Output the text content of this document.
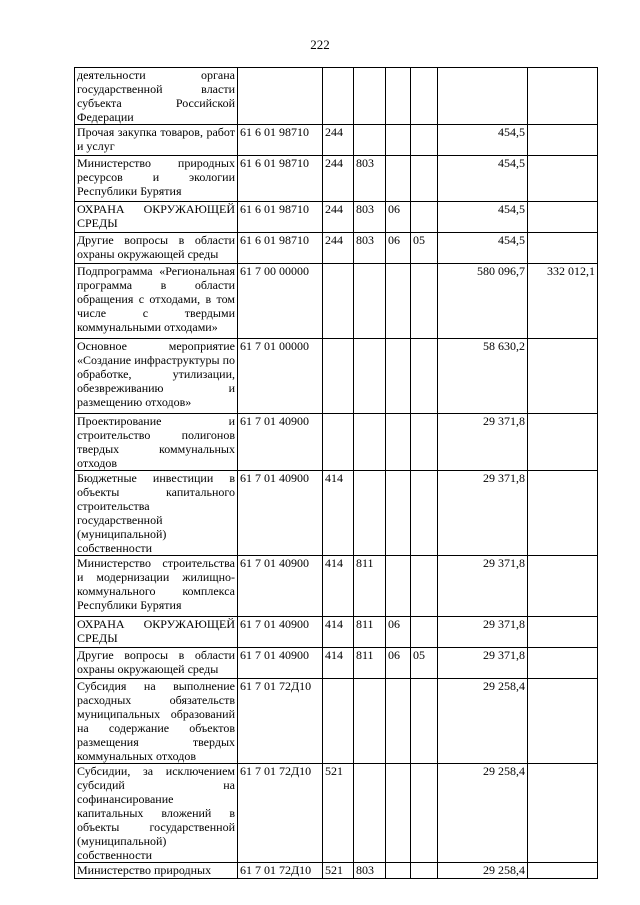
222
деятельности органа государственной власти субъекта Российской Федерации							
Прочая закупка товаров, работ и услуг	61 6 01 98710	244				454,5	
Министерство природных ресурсов и экологии Республики Бурятия	61 6 01 98710	244	803			454,5	
ОХРАНА ОКРУЖАЮЩЕЙ СРЕДЫ	61 6 01 98710	244	803	06		454,5	
Другие вопросы в области охраны окружающей среды	61 6 01 98710	244	803	06	05	454,5	
Подпрограмма «Региональная программа в области обращения с отходами, в том числе с твердыми коммунальными отходами»	61 7 00 00000					580 096,7	332 012,1
Основное мероприятие «Создание инфраструктуры по обработке, утилизации, обезвреживанию и размещению отходов»	61 7 01 00000					58 630,2	
Проектирование и строительство полигонов твердых коммунальных отходов	61 7 01 40900					29 371,8	
Бюджетные инвестиции в объекты капитального строительства государственной (муниципальной) собственности	61 7 01 40900	414				29 371,8	
Министерство строительства и модернизации жилищно-коммунального комплекса Республики Бурятия	61 7 01 40900	414	811			29 371,8	
ОХРАНА ОКРУЖАЮЩЕЙ СРЕДЫ	61 7 01 40900	414	811	06		29 371,8	
Другие вопросы в области охраны окружающей среды	61 7 01 40900	414	811	06	05	29 371,8	
Субсидия на выполнение расходных обязательств муниципальных образований на содержание объектов размещения твердых коммунальных отходов	61 7 01 72Д10					29 258,4	
Субсидии, за исключением субсидий на софинансирование капитальных вложений в объекты государственной (муниципальной) собственности	61 7 01 72Д10	521				29 258,4	
Министерство природных	61 7 01 72Д10	521	803			29 258,4	
